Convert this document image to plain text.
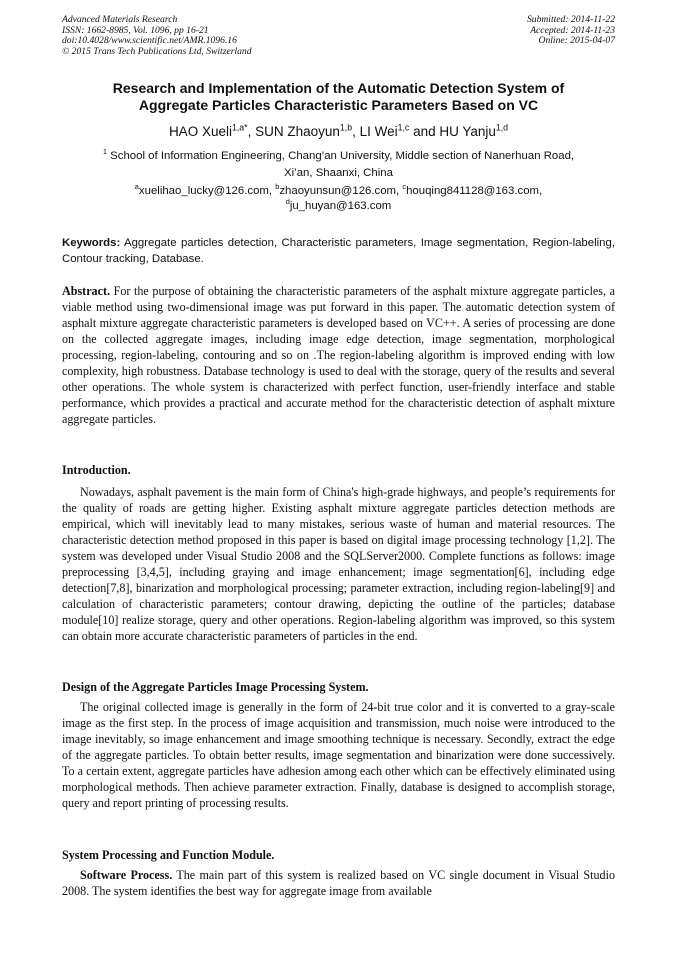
Advanced Materials Research
ISSN: 1662-8985, Vol. 1096, pp 16-21
doi:10.4028/www.scientific.net/AMR.1096.16
© 2015 Trans Tech Publications Ltd, Switzerland
Submitted: 2014-11-22
Accepted: 2014-11-23
Online: 2015-04-07
Research and Implementation of the Automatic Detection System of
Aggregate Particles Characteristic Parameters Based on VC
HAO Xueli$^{1,a*}$, SUN Zhaoyun$^{1,b}$, LI Wei$^{1,c}$ and HU Yanju$^{1,d}$
$^1$ School of Information Engineering, Chang’an University, Middle section of Nanerhuan Road,
Xi’an, Shaanxi, China
$^a$xuelihao_lucky@126.com, $^b$zhaoyunsun@126.com, $^c$houqing841128@163.com,
$^d$ju_huyan@163.com
Keywords: Aggregate particles detection, Characteristic parameters, Image segmentation, Region-labeling, Contour tracking, Database.
Abstract. For the purpose of obtaining the characteristic parameters of the asphalt mixture aggregate particles, a viable method using two-dimensional image was put forward in this paper. The automatic detection system of asphalt mixture aggregate characteristic parameters is developed based on VC++. A series of processing are done on the collected aggregate images, including image edge detection, image segmentation, morphological processing, region-labeling, contouring and so on .The region-labeling algorithm is improved ending with low complexity, high robustness. Database technology is used to deal with the storage, query of the results and several other operations. The whole system is characterized with perfect function, user-friendly interface and stable performance, which provides a practical and accurate method for the characteristic detection of asphalt mixture aggregate particles.
Introduction.
Nowadays, asphalt pavement is the main form of China's high-grade highways, and people’s requirements for the quality of roads are getting higher. Existing asphalt mixture aggregate particles detection methods are empirical, which will inevitably lead to many mistakes, serious waste of human and material resources. The characteristic detection method proposed in this paper is based on digital image processing technology [1,2]. The system was developed under Visual Studio 2008 and the SQLServer2000. Complete functions as follows: image preprocessing [3,4,5], including graying and image enhancement; image segmentation[6], including edge detection[7,8], binarization and morphological processing; parameter extraction, including region-labeling[9] and calculation of characteristic parameters; contour drawing, depicting the outline of the particles; database module[10] realize storage, query and other operations. Region-labeling algorithm was improved, so this system can obtain more accurate characteristic parameters of particles in the end.
Design of the Aggregate Particles Image Processing System.
The original collected image is generally in the form of 24-bit true color and it is converted to a gray-scale image as the first step. In the process of image acquisition and transmission, much noise were introduced to the image inevitably, so image enhancement and image smoothing technique is necessary. Secondly, extract the edge of the aggregate particles. To obtain better results, image segmentation and binarization were done successively. To a certain extent, aggregate particles have adhesion among each other which can be effectively eliminated using morphological methods. Then achieve parameter extraction. Finally, database is designed to accomplish storage, query and report printing of processing results.
System Processing and Function Module.
Software Process. The main part of this system is realized based on VC single document in Visual Studio 2008. The system identifies the best way for aggregate image from available
